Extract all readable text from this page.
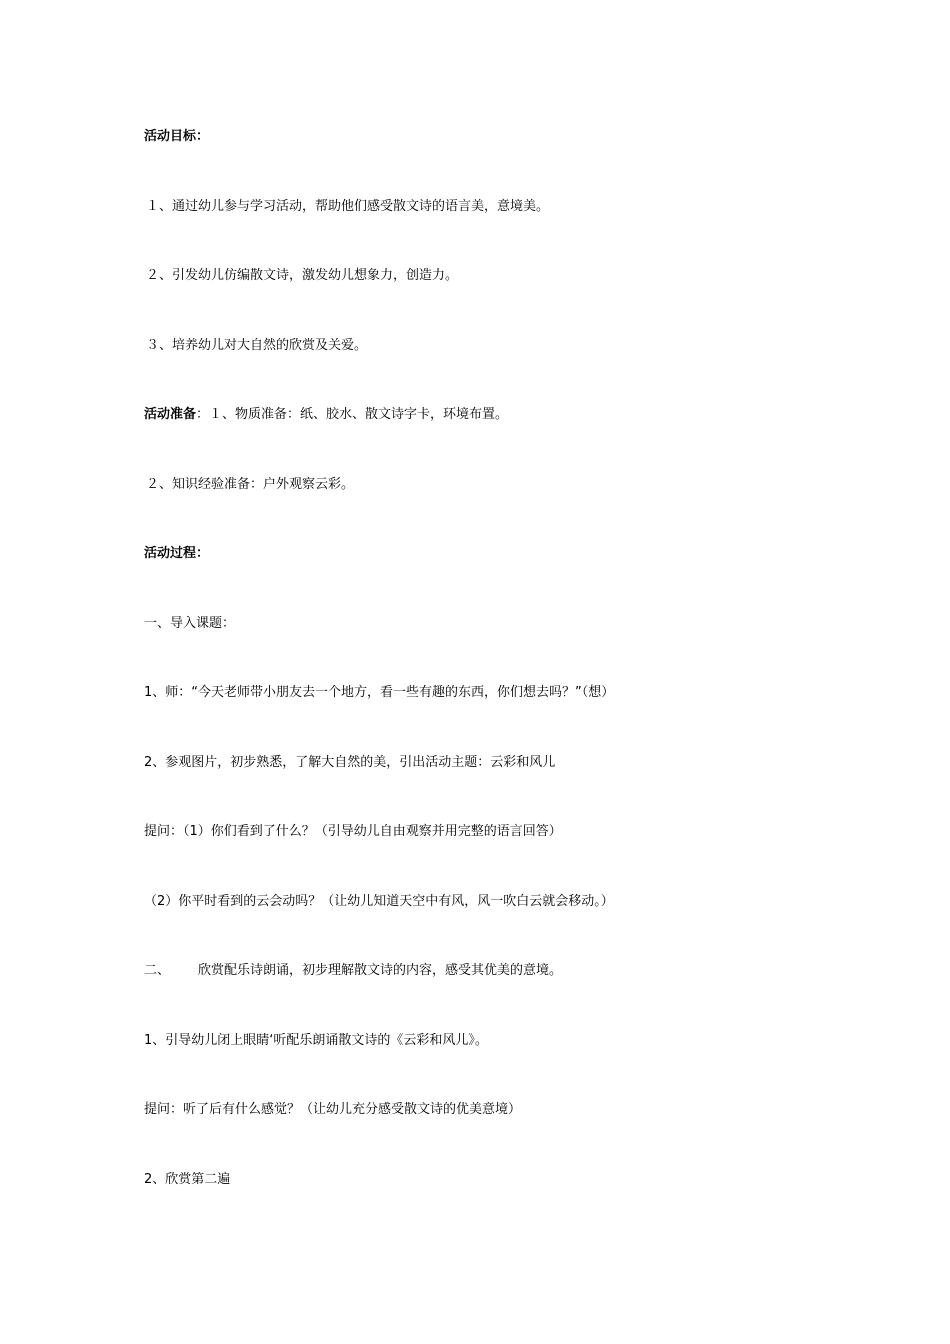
活动目标：
１、通过幼儿参与学习活动，帮助他们感受散文诗的语言美，意境美。
２、引发幼儿仿编散文诗，激发幼儿想象力，创造力。
３、培养幼儿对大自然的欣赏及关爱。
活动准备：１、物质准备：纸、胶水、散文诗字卡，环境布置。
２、知识经验准备：户外观察云彩。
活动过程：
一、导入课题：
1、师：“今天老师带小朋友去一个地方，看一些有趣的东西，你们想去吗？”（想）
2、参观图片，初步熟悉，了解大自然的美，引出活动主题：云彩和风儿
提问：（1）你们看到了什么？（引导幼儿自由观察并用完整的语言回答）
（2）你平时看到的云会动吗？（让幼儿知道天空中有风，风一吹白云就会移动。）
二、 欣赏配乐诗朗诵，初步理解散文诗的内容，感受其优美的意境。
1、引导幼儿闭上眼睛‘听配乐朗诵散文诗的《云彩和风儿》。
提问：听了后有什么感觉？（让幼儿充分感受散文诗的优美意境）
2、欣赏第二遍
